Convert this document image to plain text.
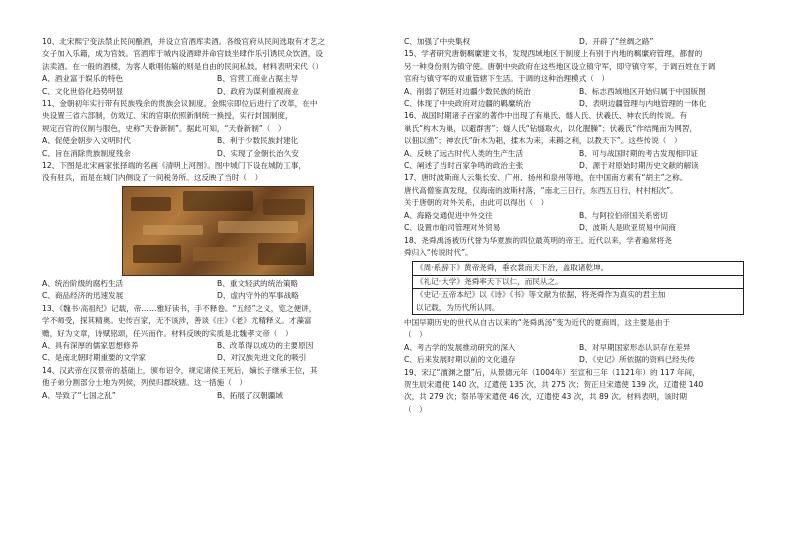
10、北宋熙宁变法禁止民间酿酒，并设立官酒库卖酒。各级官府从民间选取有才艺之

女子加入乐籍，成为官妓。官酒库于城内设酒肆并命官妓坐肆作乐引诱民众饮酒，设

法卖酒。在一般的酒楼，为客人歌唱佑觞的则是自由的民间私妓。材料表明宋代（）

A、酒业富于娱乐的特色	B、官营工商业占据主导
C、文化世俗化趋势明显	D、政府为谋利重视商业

11、金朝初年实行带有民族残余的贵族会议制度。金熙宗即位后进行了改革，在中

央设置三省六部制，仿效辽、宋的官职依照新制统一换授，实行封国制度，

规定百官的仪制与服色，史称“天眷新制”。据此可知，“天眷新制”（　）

A、促使金朝步入文明时代	B、利于少数民族封建化
C、旨在消除贵族制度残余	D、实现了金朝长治久安

12、下图是北宋画家张择端的名画《清明上河图》。图中城门下设在城防工事，

没有驻兵，而是在城门内侧设了一间税务所。这反映了当时（　）

A、统治阶级的腐朽生活	B、重文轻武的统治策略
C、商品经济的迅速发展	D、虚内守外的军事战略

13、《魏书·高祖纪》记载，帝……雅好读书，手不释卷。“五经”之义，览之便讲，

学不师受，探其精奥。史传百家，无不该涉，善谈《庄》《老》尤精释义。才藻富

赡，好为文章，诗赋铭颂，任兴而作。材料反映的实质是北魏孝文帝（　）

A、具有深厚的儒家思想修养	B、改革得以成功的主要原因
C、是南北朝时期重要的文学家	D、对汉族先进文化的吸引

14、汉武帝在汉景帝的基础上，颁布诏令，规定诸侯王死后，嫡长子继承王位，其

他子弟分割部分土地为列侯，列侯归郡统辖。这一措施（　）

A、导致了“七国之乱”	B、拓展了汉朝疆域
C、加强了中央集权	D、开辟了“丝绸之路”

15、学者研究唐朝羁縻建文书，发现西域地区于制度上有别于内地的羁縻府管理，都督的

另一种身份则为镇守使。唐朝中央政府在这些地区设立镇守军，即守镇守军，于调百姓在于调

官府与镇守军的双重管辖下生活。于调的这种治理模式（　）

A、削弱了朝廷对边疆少数民族的统治	B、标志西域地区开始归属于中国版图
C、体现了中央政府对边疆的羁縻统治	D、表明边疆管理与内地管理的一体化

16、战国时期诸子百家的著作中出现了有巢氏、燧人氏、伏羲氏、神农氏的传说。有

巢氏“构木为巢，以避群害”；燧人氏“钻燧取火，以化腥臊”；伏羲氏“作结绳而为网罟，

以佃以渔”；神农氏“斫木为耜，揉木为耒，耒耨之利，以教天下”。这些传说（　）

A、反映了远古时代人类的生产生活	B、可与战国时期的考古发现相印证
C、阐述了当时百家争鸣的政治主张	D、源于对原始时期历史文献的解读

17、唐时波斯商人云集长安、广州、扬州和泉州等地，在中国南方素有“胡主”之称。

唐代高僧鉴真发现，仅海南的波斯村落，“南北三日行，东西五日行，村村相次”。

关于唐朝的对外关系，由此可以得出（　）

A、海路交通促进中外交往	B、与阿拉伯帝国关系密切
C、设置市舶司管理对外贸易	D、波斯人是欧亚贸易中间商

18、尧舜禹汤被历代誉为华夏族的四位最英明的帝王。近代以来，学者遍常将尧

舜归入“传说时代”。

《周·系辞下》黄帝尧舜，垂衣裳而天下治，盖取诸乾坤。
《礼记·大学》尧舜率天下以仁，而民从之。
《史记·五帝本纪》以《诗》《书》等文献为依据，将尧舜作为真实的君主加
以记载，为历代所认同。

中国早期历史的世代从自古以来的“尧舜禹汤”变为近代的夏商周，这主要是由于

（　）

A、考古学的发展推动研究的深入	B、对早期国家形态认识存在差异
C、后来发展时期以前的文化遗存	D、《史记》所依据的资料已经失传

19、宋辽“澶渊之盟”后，从景德元年（1004年）至宣和三年（1121年）的 117 年间，

贺生辰宋遣使 140 次，辽遣使 135 次，共 275 次；贺正旦宋遣使 139 次，辽遣使 140

次，共 279 次；祭吊等宋遣使 46 次，辽遣使 43 次，共 89 次。材料表明，该时期

（　）
